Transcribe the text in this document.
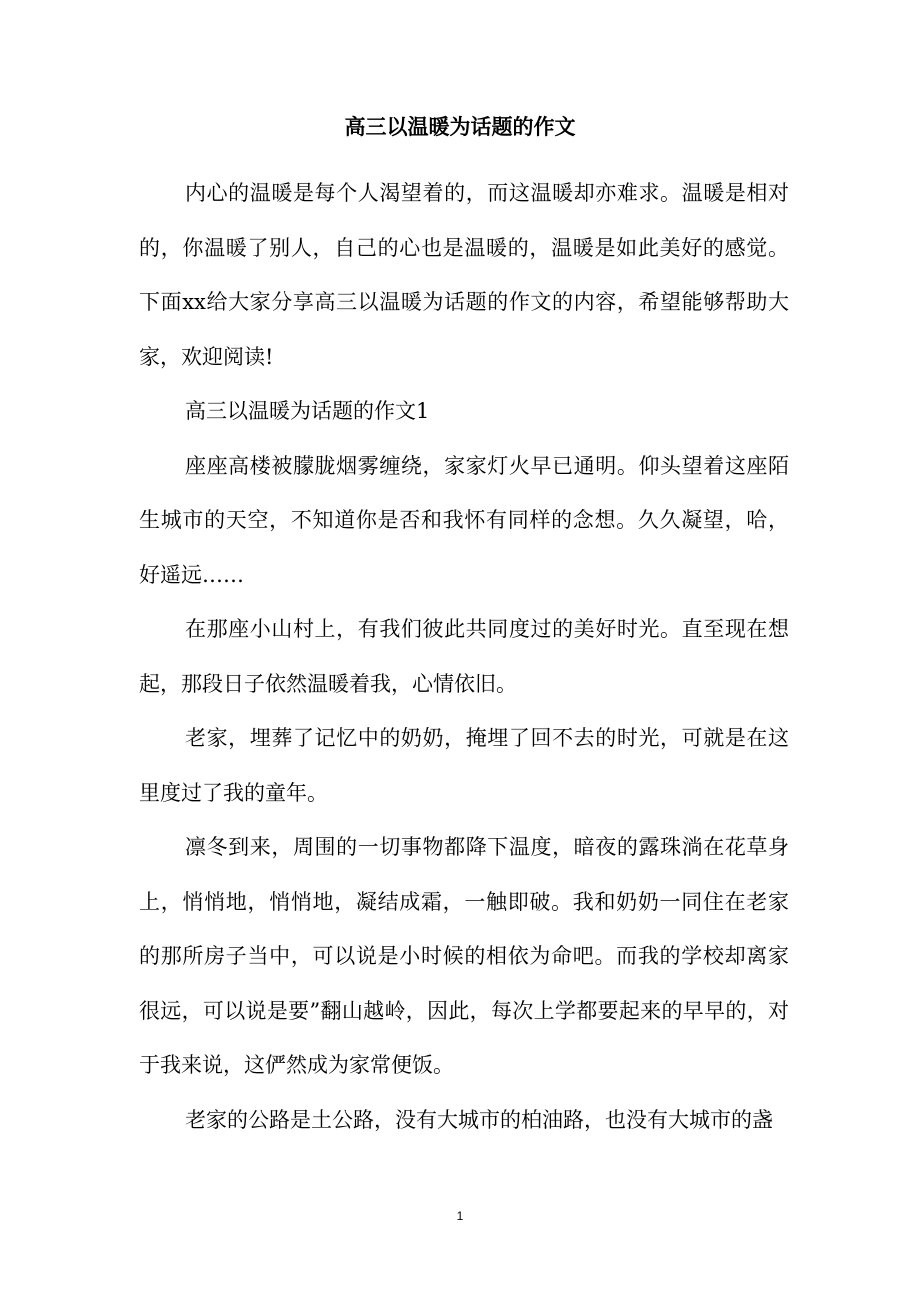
高三以温暖为话题的作文

内心的温暖是每个人渴望着的，而这温暖却亦难求。温暖是相对的，你温暖了别人，自己的心也是温暖的，温暖是如此美好的感觉。下面xx给大家分享高三以温暖为话题的作文的内容，希望能够帮助大家，欢迎阅读!

高三以温暖为话题的作文1

座座高楼被朦胧烟雾缠绕，家家灯火早已通明。仰头望着这座陌生城市的天空，不知道你是否和我怀有同样的念想。久久凝望，哈，好遥远……

在那座小山村上，有我们彼此共同度过的美好时光。直至现在想起，那段日子依然温暖着我，心情依旧。

老家，埋葬了记忆中的奶奶，掩埋了回不去的时光，可就是在这里度过了我的童年。

凛冬到来，周围的一切事物都降下温度，暗夜的露珠淌在花草身上，悄悄地，悄悄地，凝结成霜，一触即破。我和奶奶一同住在老家的那所房子当中，可以说是小时候的相依为命吧。而我的学校却离家很远，可以说是要”翻山越岭，因此，每次上学都要起来的早早的，对于我来说，这俨然成为家常便饭。

老家的公路是土公路，没有大城市的柏油路，也没有大城市的盏

1
